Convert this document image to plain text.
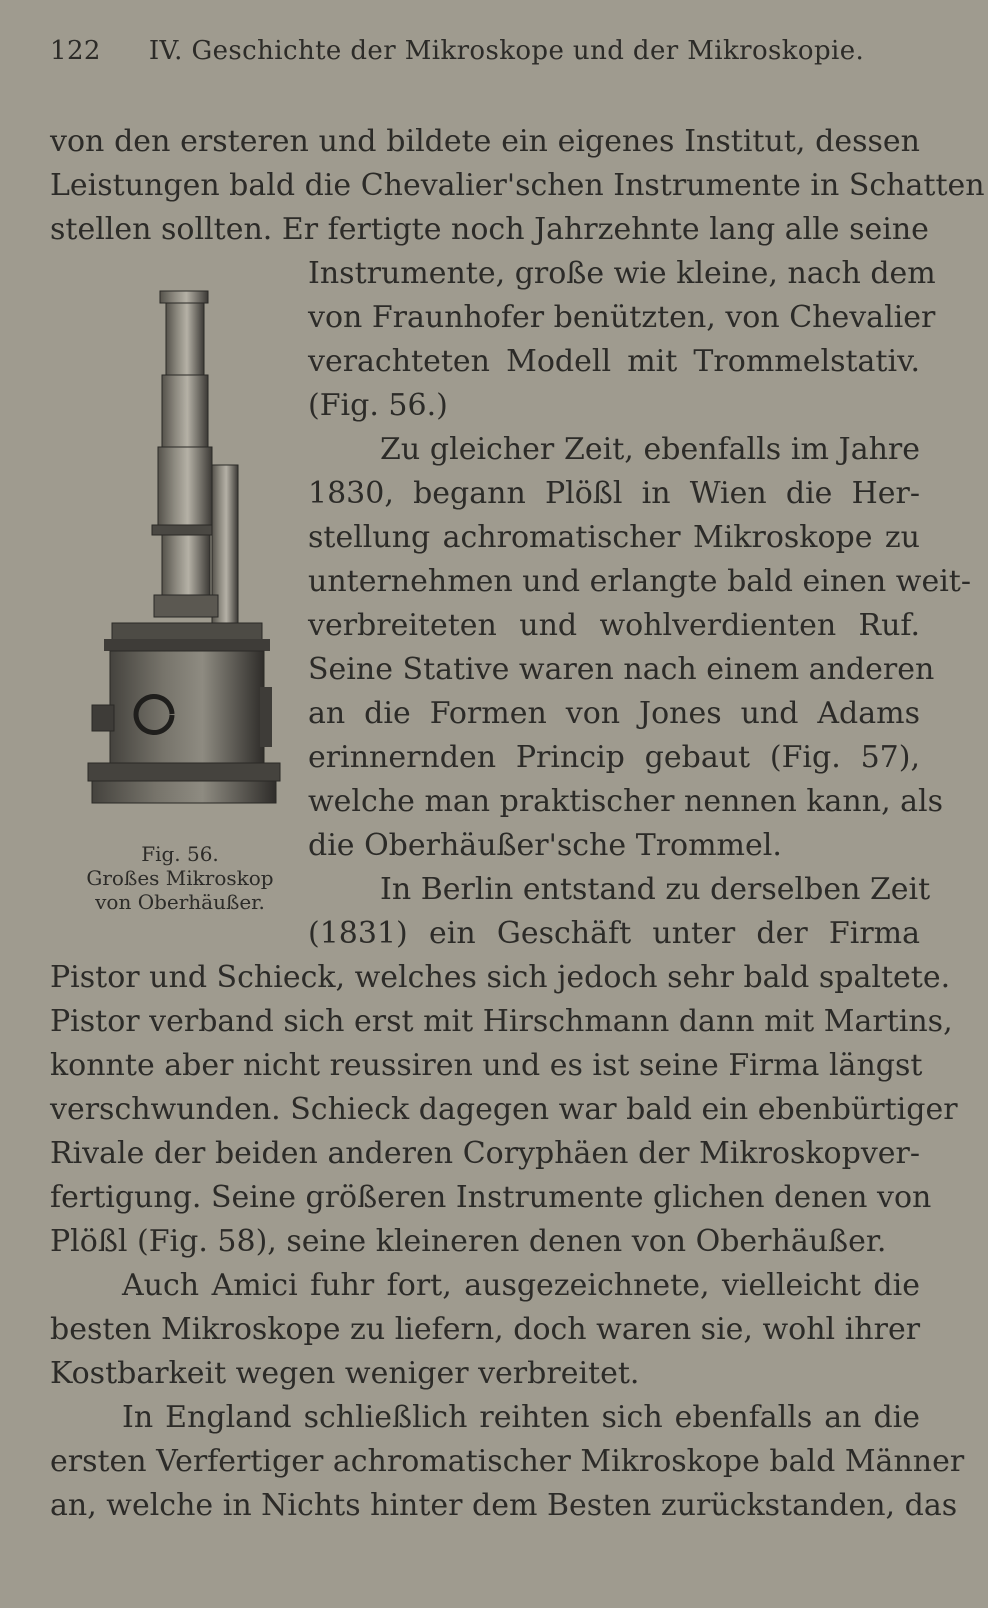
122 IV. Geschichte der Mikroskope und der Mikroskopie.
von den ersteren und bildete ein eigenes Institut, dessen
Leistungen bald die Chevalier'schen Instrumente in Schatten
stellen sollten. Er fertigte noch Jahrzehnte lang alle seine
Instrumente, große wie kleine, nach dem
von Fraunhofer benützten, von Chevalier
verachteten Modell mit Trommelstativ.
(Fig. 56.)
Zu gleicher Zeit, ebenfalls im Jahre
1830, begann Plößl in Wien die Her-
stellung achromatischer Mikroskope zu
unternehmen und erlangte bald einen weit-
verbreiteten und wohlverdienten Ruf.
Seine Stative waren nach einem anderen
an die Formen von Jones und Adams
erinnernden Princip gebaut (Fig. 57),
welche man praktischer nennen kann, als
die Oberhäußer'sche Trommel.
In Berlin entstand zu derselben Zeit
(1831) ein Geschäft unter der Firma
Pistor und Schieck, welches sich jedoch sehr bald spaltete.
Pistor verband sich erst mit Hirschmann dann mit Martins,
konnte aber nicht reussiren und es ist seine Firma längst
verschwunden. Schieck dagegen war bald ein ebenbürtiger
Rivale der beiden anderen Coryphäen der Mikroskopver-
fertigung. Seine größeren Instrumente glichen denen von
Plößl (Fig. 58), seine kleineren denen von Oberhäußer.
Auch Amici fuhr fort, ausgezeichnete, vielleicht die
besten Mikroskope zu liefern, doch waren sie, wohl ihrer
Kostbarkeit wegen weniger verbreitet.
In England schließlich reihten sich ebenfalls an die
ersten Verfertiger achromatischer Mikroskope bald Männer
an, welche in Nichts hinter dem Besten zurückstanden, das
Fig. 56.
Großes Mikroskop
von Oberhäußer.
